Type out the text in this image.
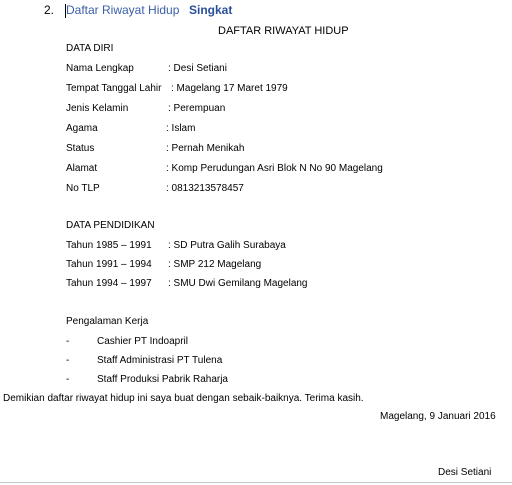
2. Daftar Riwayat Hidup Singkat
DAFTAR RIWAYAT HIDUP
DATA DIRI
Nama Lengkap	: Desi Setiani
Tempat Tanggal Lahir : Magelang 17 Maret 1979
Jenis Kelamin	: Perempuan
Agama	: Islam
Status	: Pernah Menikah
Alamat	: Komp Perudungan Asri Blok N No 90 Magelang
No TLP	: 0813213578457
DATA PENDIDIKAN
Tahun 1985 – 1991 : SD Putra Galih Surabaya
Tahun 1991 – 1994 : SMP 212 Magelang
Tahun 1994 – 1997 : SMU Dwi Gemilang Magelang
Pengalaman Kerja
-	Cashier PT Indoapril
-	Staff Administrasi PT Tulena
-	Staff Produksi Pabrik Raharja
Demikian daftar riwayat hidup ini saya buat dengan sebaik-baiknya. Terima kasih.
Magelang, 9 Januari 2016
Desi Setiani
